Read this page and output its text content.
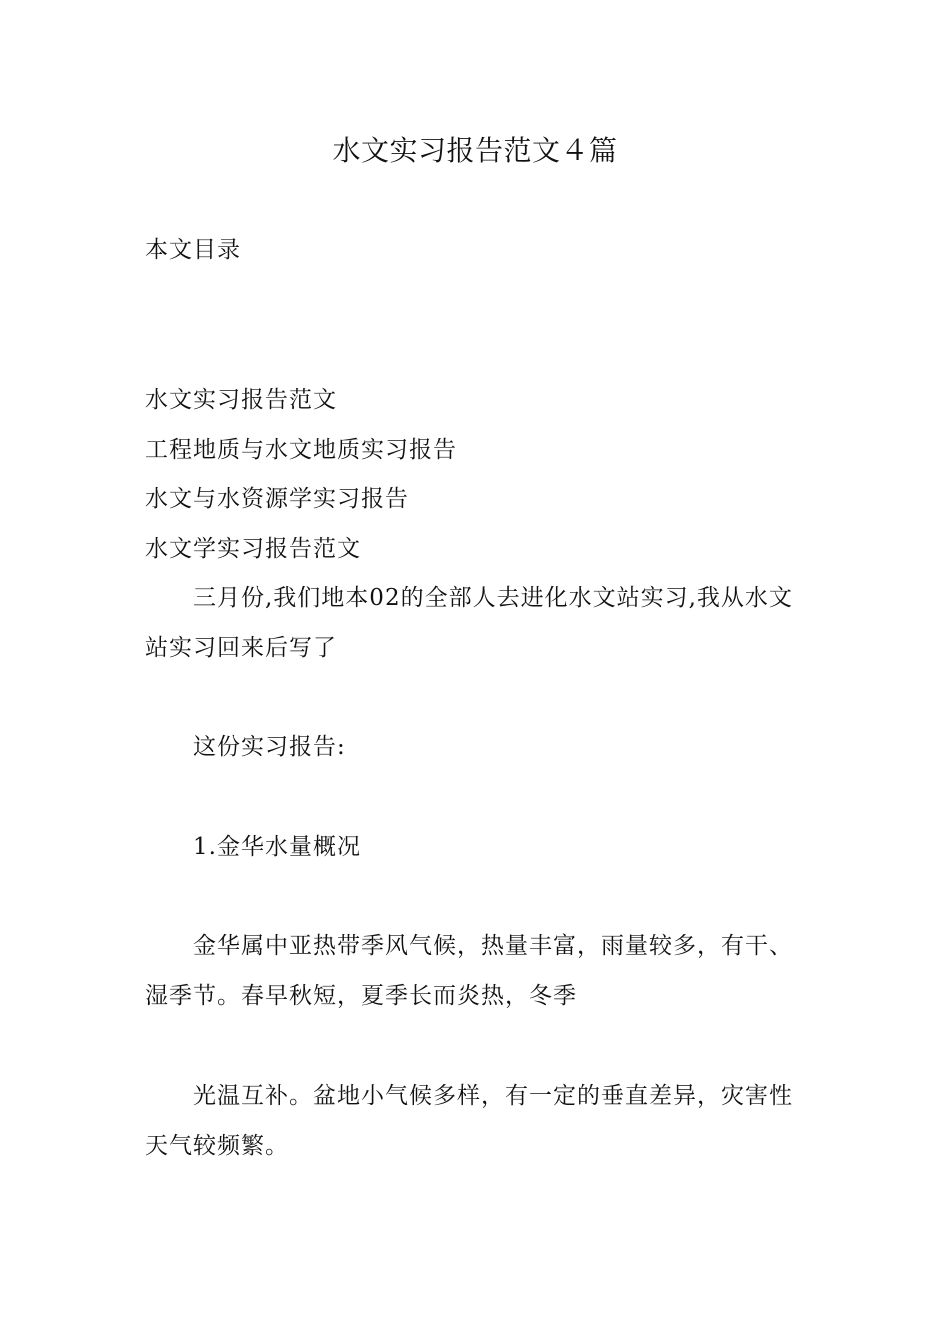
水文实习报告范文４篇
本文目录
水文实习报告范文
工程地质与水文地质实习报告
水文与水资源学实习报告
水文学实习报告范文
三月份,我们地本02的全部人去进化水文站实习,我从水文
站实习回来后写了
这份实习报告:
1.金华水量概况
金华属中亚热带季风气候，热量丰富，雨量较多，有干、
湿季节。春早秋短，夏季长而炎热，冬季
光温互补。盆地小气候多样，有一定的垂直差异，灾害性
天气较频繁。
